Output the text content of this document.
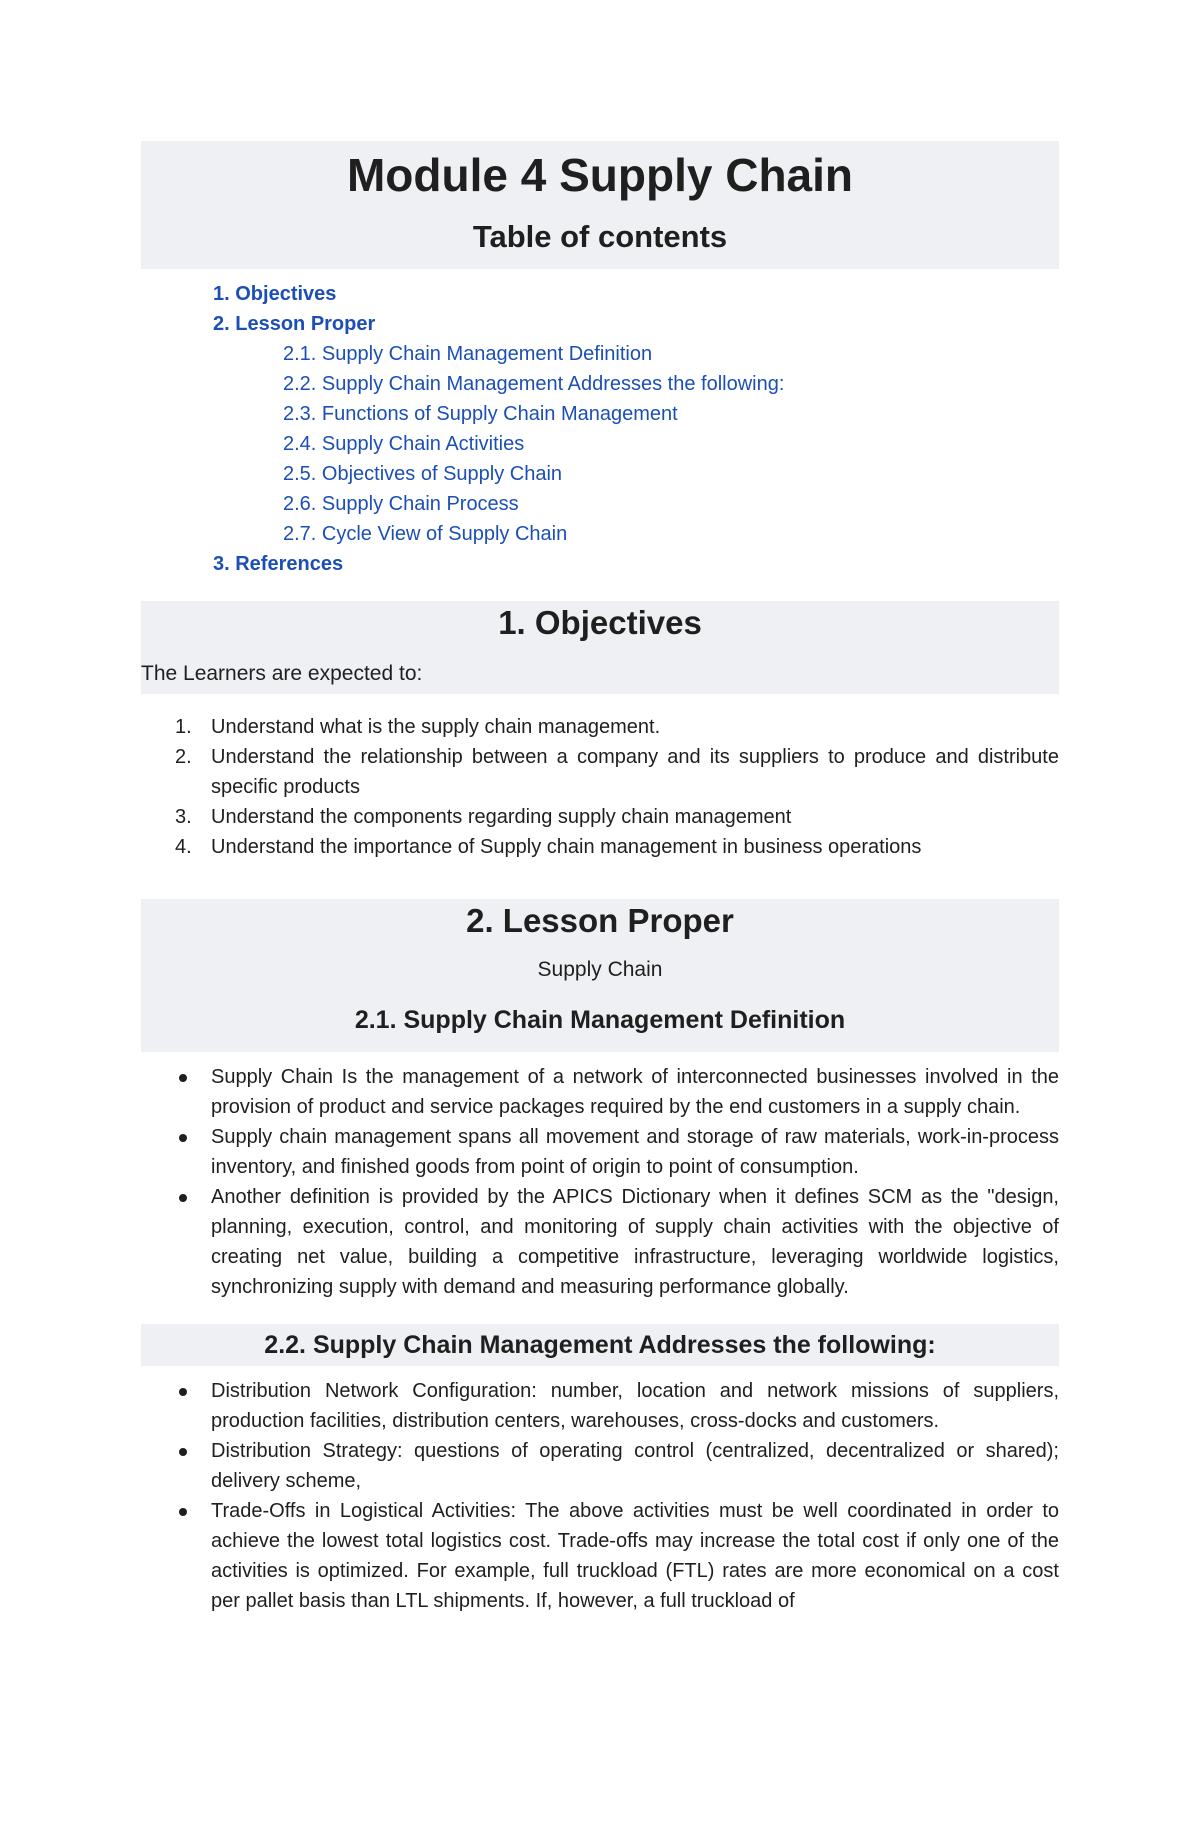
Module 4 Supply Chain
Table of contents
1. Objectives
2. Lesson Proper
2.1. Supply Chain Management Definition
2.2. Supply Chain Management Addresses the following:
2.3. Functions of Supply Chain Management
2.4. Supply Chain Activities
2.5. Objectives of Supply Chain
2.6. Supply Chain Process
2.7. Cycle View of Supply Chain
3. References
1. Objectives

The Learners are expected to:

1. Understand what is the supply chain management.
2. Understand the relationship between a company and its suppliers to produce and distribute specific products
3. Understand the components regarding supply chain management
4. Understand the importance of Supply chain management in business operations
2. Lesson Proper

Supply Chain

2.1. Supply Chain Management Definition
Supply Chain Is the management of a network of interconnected businesses involved in the provision of product and service packages required by the end customers in a supply chain.
Supply chain management spans all movement and storage of raw materials, work-in-process inventory, and finished goods from point of origin to point of consumption.
Another definition is provided by the APICS Dictionary when it defines SCM as the "design, planning, execution, control, and monitoring of supply chain activities with the objective of creating net value, building a competitive infrastructure, leveraging worldwide logistics, synchronizing supply with demand and measuring performance globally.
2.2. Supply Chain Management Addresses the following:
Distribution Network Configuration: number, location and network missions of suppliers, production facilities, distribution centers, warehouses, cross-docks and customers.
Distribution Strategy: questions of operating control (centralized, decentralized or shared); delivery scheme,
Trade-Offs in Logistical Activities: The above activities must be well coordinated in order to achieve the lowest total logistics cost. Trade-offs may increase the total cost if only one of the activities is optimized. For example, full truckload (FTL) rates are more economical on a cost per pallet basis than LTL shipments. If, however, a full truckload of
